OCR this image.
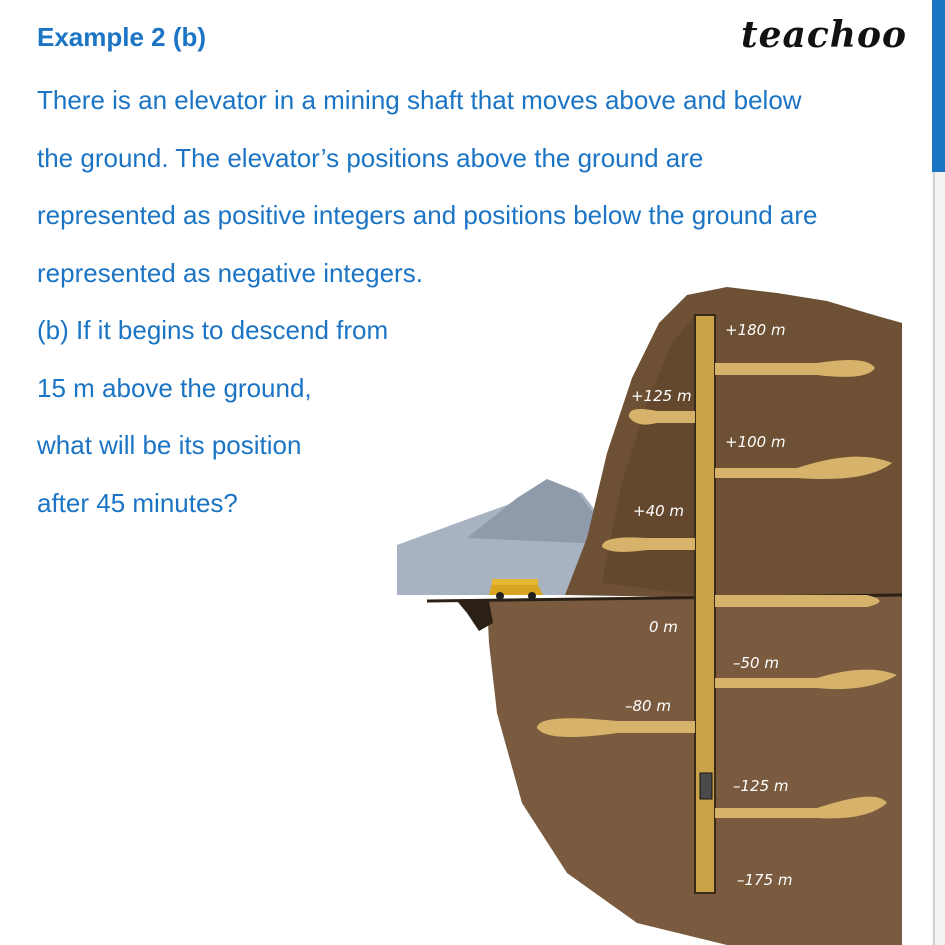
Example 2 (b)	teachoo

There is an elevator in a mining shaft that moves above and below

the ground. The elevator’s positions above the ground are

represented as positive integers and positions below the ground are

represented as negative integers.

(b) If it begins to descend from

15 m above the ground,

what will be its position

after 45 minutes?

+180 m
+125 m
+100 m
+40 m
0 m
–50 m
–80 m
–125 m
–175 m
